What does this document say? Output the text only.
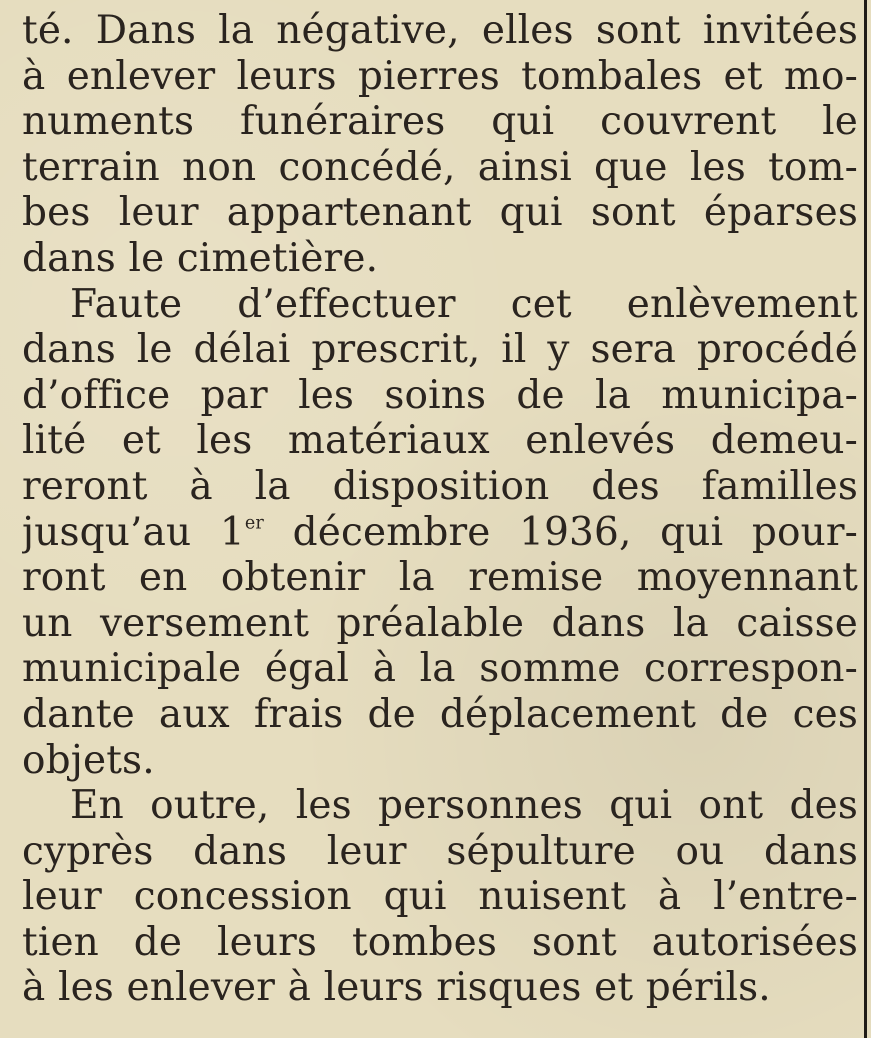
té. Dans la négative, elles sont invitées
à enlever leurs pierres tombales et mo-
numents funéraires qui couvrent le
terrain non concédé, ainsi que les tom-
bes leur appartenant qui sont éparses
dans le cimetière.
Faute d’effectuer cet enlèvement
dans le délai prescrit, il y sera procédé
d’office par les soins de la municipa-
lité et les matériaux enlevés demeu-
reront à la disposition des familles
jusqu’au 1er décembre 1936, qui pour-
ront en obtenir la remise moyennant
un versement préalable dans la caisse
municipale égal à la somme correspon-
dante aux frais de déplacement de ces
objets.
En outre, les personnes qui ont des
cyprès dans leur sépulture ou dans
leur concession qui nuisent à l’entre-
tien de leurs tombes sont autorisées
à les enlever à leurs risques et périls.
